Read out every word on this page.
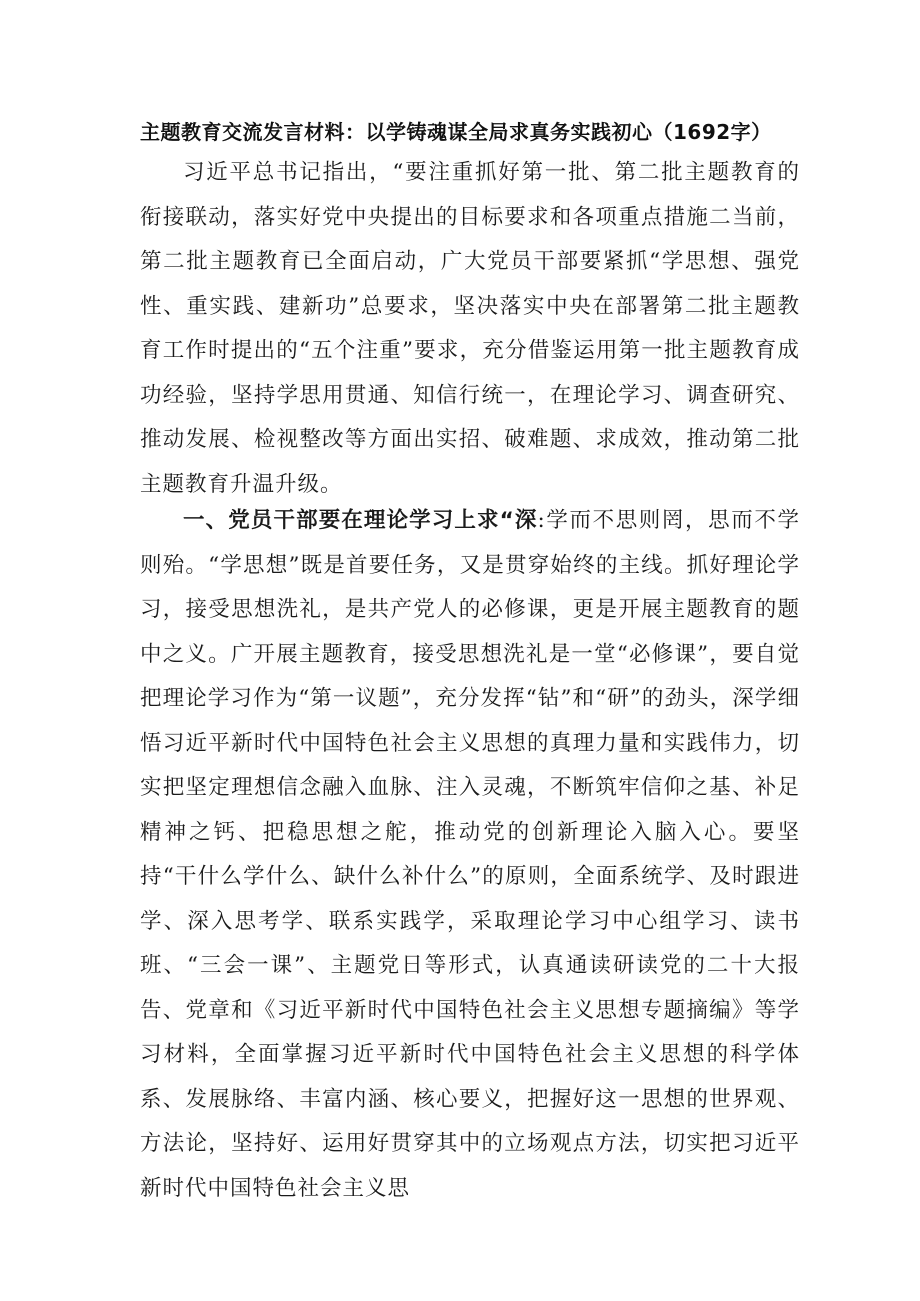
主题教育交流发言材料：以学铸魂谋全局求真务实践初心（1692字）
习近平总书记指出，“要注重抓好第一批、第二批主题教育的衔接联动，落实好党中央提出的目标要求和各项重点措施二当前，第二批主题教育已全面启动，广大党员干部要紧抓“学思想、强党性、重实践、建新功”总要求，坚决落实中央在部署第二批主题教育工作时提出的“五个注重”要求，充分借鉴运用第一批主题教育成功经验，坚持学思用贯通、知信行统一，在理论学习、调查研究、推动发展、检视整改等方面出实招、破难题、求成效，推动第二批主题教育升温升级。
一、党员干部要在理论学习上求“深:学而不思则罔，思而不学则殆。“学思想”既是首要任务，又是贯穿始终的主线。抓好理论学习，接受思想洗礼，是共产党人的必修课，更是开展主题教育的题中之义。广开展主题教育，接受思想洗礼是一堂“必修课”，要自觉把理论学习作为“第一议题”，充分发挥“钻”和“研”的劲头，深学细悟习近平新时代中国特色社会主义思想的真理力量和实践伟力，切实把坚定理想信念融入血脉、注入灵魂，不断筑牢信仰之基、补足精神之钙、把稳思想之舵，推动党的创新理论入脑入心。要坚持“干什么学什么、缺什么补什么”的原则，全面系统学、及时跟进学、深入思考学、联系实践学，采取理论学习中心组学习、读书班、“三会一课”、主题党日等形式，认真通读研读党的二十大报告、党章和《习近平新时代中国特色社会主义思想专题摘编》等学习材料，全面掌握习近平新时代中国特色社会主义思想的科学体系、发展脉络、丰富内涵、核心要义，把握好这一思想的世界观、方法论，坚持好、运用好贯穿其中的立场观点方法，切实把习近平新时代中国特色社会主义思
